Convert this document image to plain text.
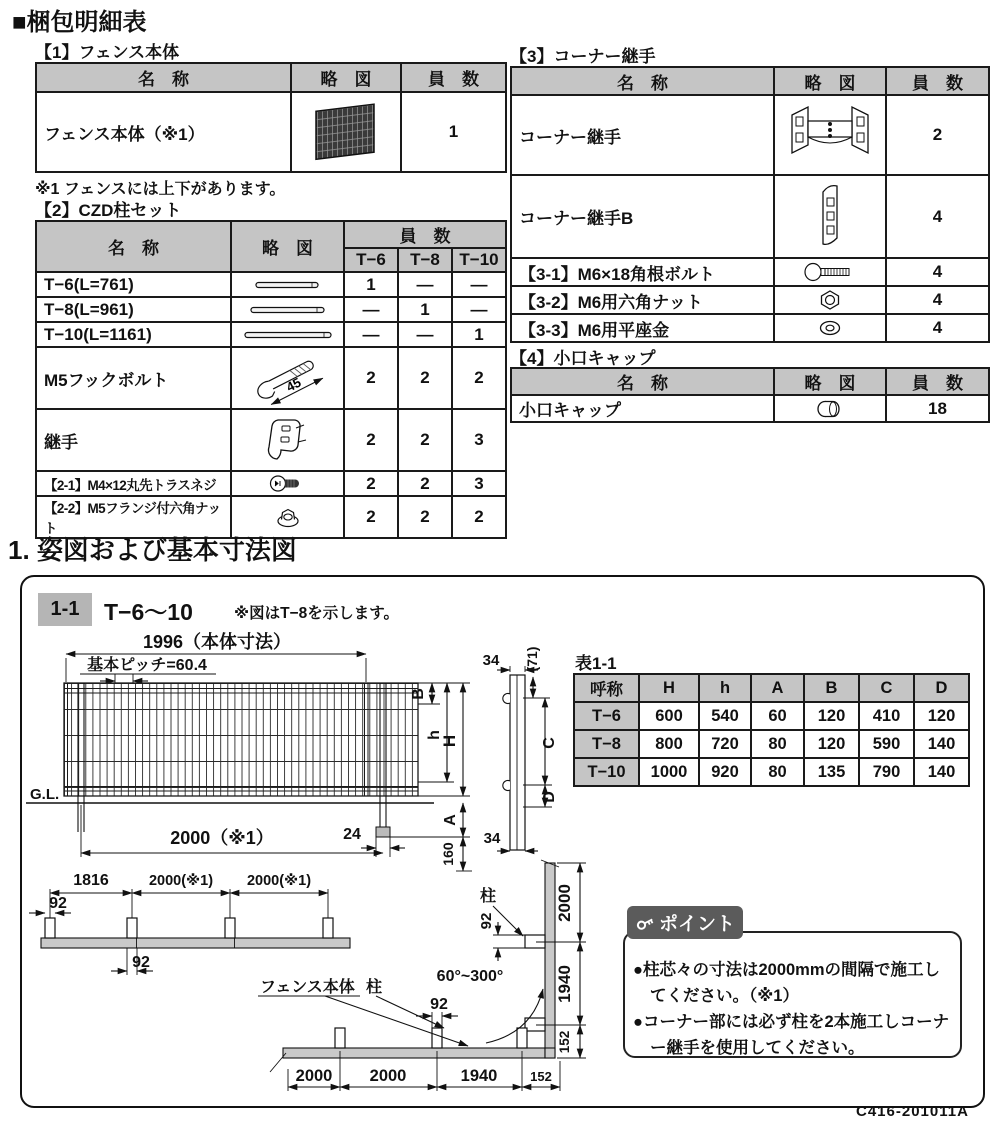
■梱包明細表
【1】フェンス本体
名　称	略　図	員　数
フェンス本体（※1）		1
※1 フェンスには上下があります。
【2】CZD柱セット
名　称	略　図	員　数		
		T−6	T−8	T−10
T−6(L=761)		1	—	—
T−8(L=961)		—	1	—
T−10(L=1161)		—	—	1
M5フックボルト	45	2	2	2
継手		2	2	3
【2-1】M4×12丸先トラスネジ		2	2	3
【2-2】M5フランジ付六角ナット		2	2	2
【3】コーナー継手
名　称	略　図	員　数
コーナー継手		2
コーナー継手B		4
【3-1】M6×18角根ボルト		4
【3-2】M6用六角ナット		4
【3-3】M6用平座金		4
【4】小口キャップ
名　称	略　図	員　数
小口キャップ		18
1. 姿図および基本寸法図
1-1	T−6～10	※図はT−8を示します。
1996（本体寸法）
基本ピッチ=60.4
G.L.
2000（※1）	24
B
h
H
A
160
34 (71)
C
D
34
1816	2000(※1) 2000(※1)
92
92
柱
92	2000
1940
152
フェンス本体 柱
60°~300°
92
2000 2000	1940	152
表1-1
呼称	H	h	A	B	C	D
T−6	600	540	60	120	410	120
T−8	800	720	80	120	590	140
T−10	1000	920	80	135	790	140
ポイント
●柱芯々の寸法は2000mmの間隔で施工してください。（※1）
●コーナー部には必ず柱を2本施工しコーナー継手を使用してください。
C416-201011A
